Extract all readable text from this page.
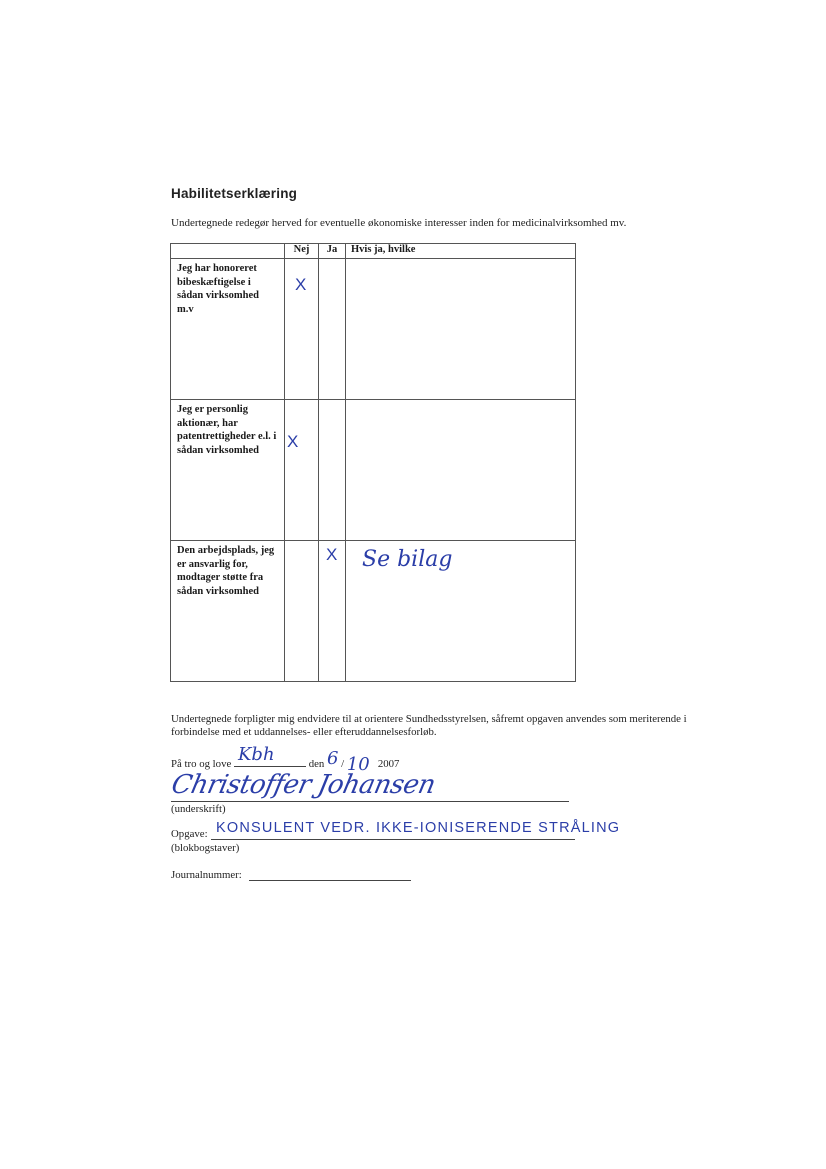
Habilitetserklæring
Undertegnede redegør herved for eventuelle økonomiske interesser inden for medicinalvirksomhed mv.
	Nej	Ja	Hvis ja, hvilke
Jeg har honoreret bibeskæftigelse i sådan virksomhed m.v	X		

Jeg er personlig aktionær, har patentrettigheder e.l. i sådan virksomhed	X		

Den arbejdsplads, jeg er ansvarlig for, modtager støtte fra sådan virksomhed		X	Se bilag
Undertegnede forpligter mig endvidere til at orientere Sundhedsstyrelsen, såfremt opgaven anvendes som meriterende i forbindelse med et uddannelses- eller efteruddannelsesforløb.
På tro og love Kbh	den 6 / 10 2007
Christoffer Johansen
(underskrift)
Opgave: KONSULENT VEDR. IKKE-IONISERENDE STRÅLING
(blokbogstaver)
Journalnummer:
